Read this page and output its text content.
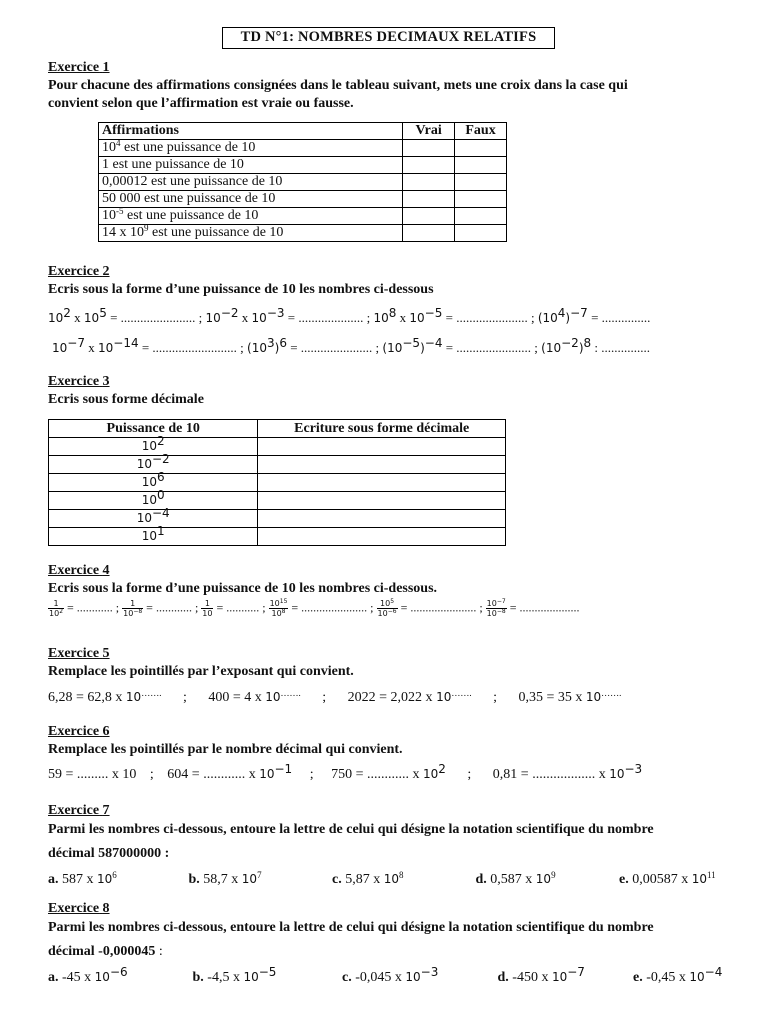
TD N°1: NOMBRES DECIMAUX RELATIFS
Exercice 1
Pour chacune des affirmations consignées dans le tableau suivant, mets une croix dans la case qui
convient selon que l’affirmation est vraie ou fausse.
Affirmations	Vrai	Faux
$10^4$ est une puissance de 10		
1 est une puissance de 10		
0,00012 est une puissance de 10		
50 000 est une puissance de 10		
$10^{-5}$ est une puissance de 10		
14 x $10^9$ est une puissance de 10		
Exercice 2
Ecris sous la forme d’une puissance de 10 les nombres ci-dessous
$10^2$ x $10^5$ = ....................... ; $10^{-2}$ x $10^{-3}$ = .................... ; $10^8$ x $10^{-5}$ = ...................... ; $(10^4)^{-7}$ = ...............
$10^{-7}$ x $10^{-14}$ = .......................... ; $(10^3)^6$ = ...................... ; $(10^{-5})^{-4}$ = ....................... ; $(10^{-2})^8$ : ...............
Exercice 3
Ecris sous forme décimale
Puissance de 10	Ecriture sous forme décimale
$10^2$	
$10^{-2}$	
$10^6$	
$10^0$	
$10^{-4}$	
$10^1$	
Exercice 4
Ecris sous la forme d’une puissance de 10 les nombres ci-dessous.
$\frac{1}{10^2}$ = ............ ; $\frac{1}{10^{-8}}$ = ............ ; $\frac{1}{10}$ = ........... ; $\frac{10^{15}}{10^8}$ = ...................... ; $\frac{10^5}{10^{-6}}$ = ...................... ; $\frac{10^{-7}}{10^{-8}}$ = ....................
Exercice 5
Remplace les pointillés par l’exposant qui convient.
6,28 = 62,8 x 10……. ; 400 = 4 x 10……. ; 2022 = 2,022 x 10……. ; 0,35 = 35 x 10…….
Exercice 6
Remplace les pointillés par le nombre décimal qui convient.
59 = ......... x 10 ; 604 = ............ x $10^{-1}$ ; 750 = ............ x $10^2$ ; 0,81 = .................. x $10^{-3}$
Exercice 7
Parmi les nombres ci-dessous, entoure la lettre de celui qui désigne la notation scientifique du nombre
décimal 587000000 :
a. 587 x $10^6$	b. 58,7 x $10^7$	c. 5,87 x $10^8$	d. 0,587 x $10^9$	e. 0,00587 x $10^{11}$
Exercice 8
Parmi les nombres ci-dessous, entoure la lettre de celui qui désigne la notation scientifique du nombre
décimal -0,000045 :
a. -45 x $10^{-6}$	b. -4,5 x $10^{-5}$	c. -0,045 x $10^{-3}$	d. -450 x $10^{-7}$	e. -0,45 x $10^{-4}$
